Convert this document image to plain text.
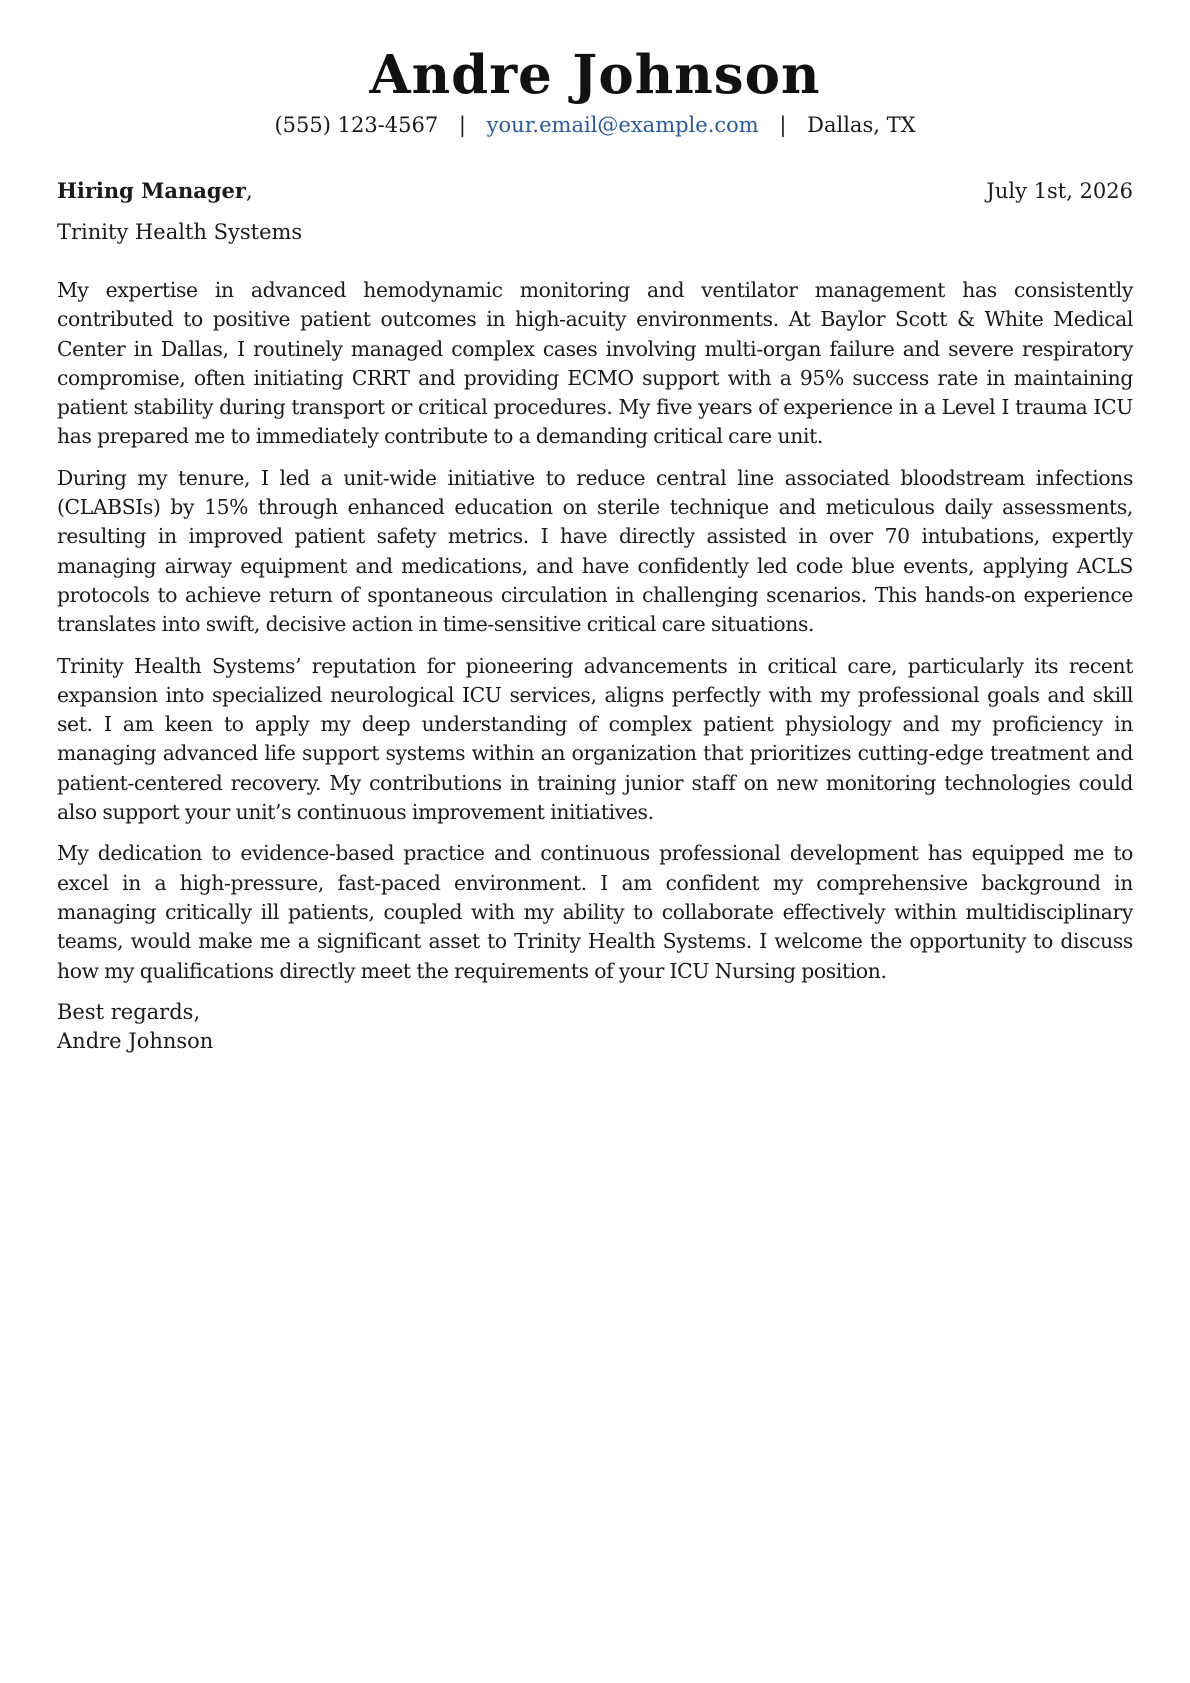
Andre Johnson
(555) 123-4567 | your.email@example.com | Dallas, TX
Hiring Manager,	July 1st, 2026
Trinity Health Systems

My expertise in advanced hemodynamic monitoring and ventilator management has consistently contributed to positive patient outcomes in high-acuity environments. At Baylor Scott & White Medical Center in Dallas, I routinely managed complex cases involving multi-organ failure and severe respiratory compromise, often initiating CRRT and providing ECMO support with a 95% success rate in maintaining patient stability during transport or critical procedures. My five years of experience in a Level I trauma ICU has prepared me to immediately contribute to a demanding critical care unit.

During my tenure, I led a unit-wide initiative to reduce central line associated bloodstream infections (CLABSIs) by 15% through enhanced education on sterile technique and meticulous daily assessments, resulting in improved patient safety metrics. I have directly assisted in over 70 intubations, expertly managing airway equipment and medications, and have confidently led code blue events, applying ACLS protocols to achieve return of spontaneous circulation in challenging scenarios. This hands-on experience translates into swift, decisive action in time-sensitive critical care situations.

Trinity Health Systems’ reputation for pioneering advancements in critical care, particularly its recent expansion into specialized neurological ICU services, aligns perfectly with my professional goals and skill set. I am keen to apply my deep understanding of complex patient physiology and my proficiency in managing advanced life support systems within an organization that prioritizes cutting-edge treatment and patient-centered recovery. My contributions in training junior staff on new monitoring technologies could also support your unit’s continuous improvement initiatives.

My dedication to evidence-based practice and continuous professional development has equipped me to excel in a high-pressure, fast-paced environment. I am confident my comprehensive background in managing critically ill patients, coupled with my ability to collaborate effectively within multidisciplinary teams, would make me a significant asset to Trinity Health Systems. I welcome the opportunity to discuss how my qualifications directly meet the requirements of your ICU Nursing position.

Best regards,
Andre Johnson
